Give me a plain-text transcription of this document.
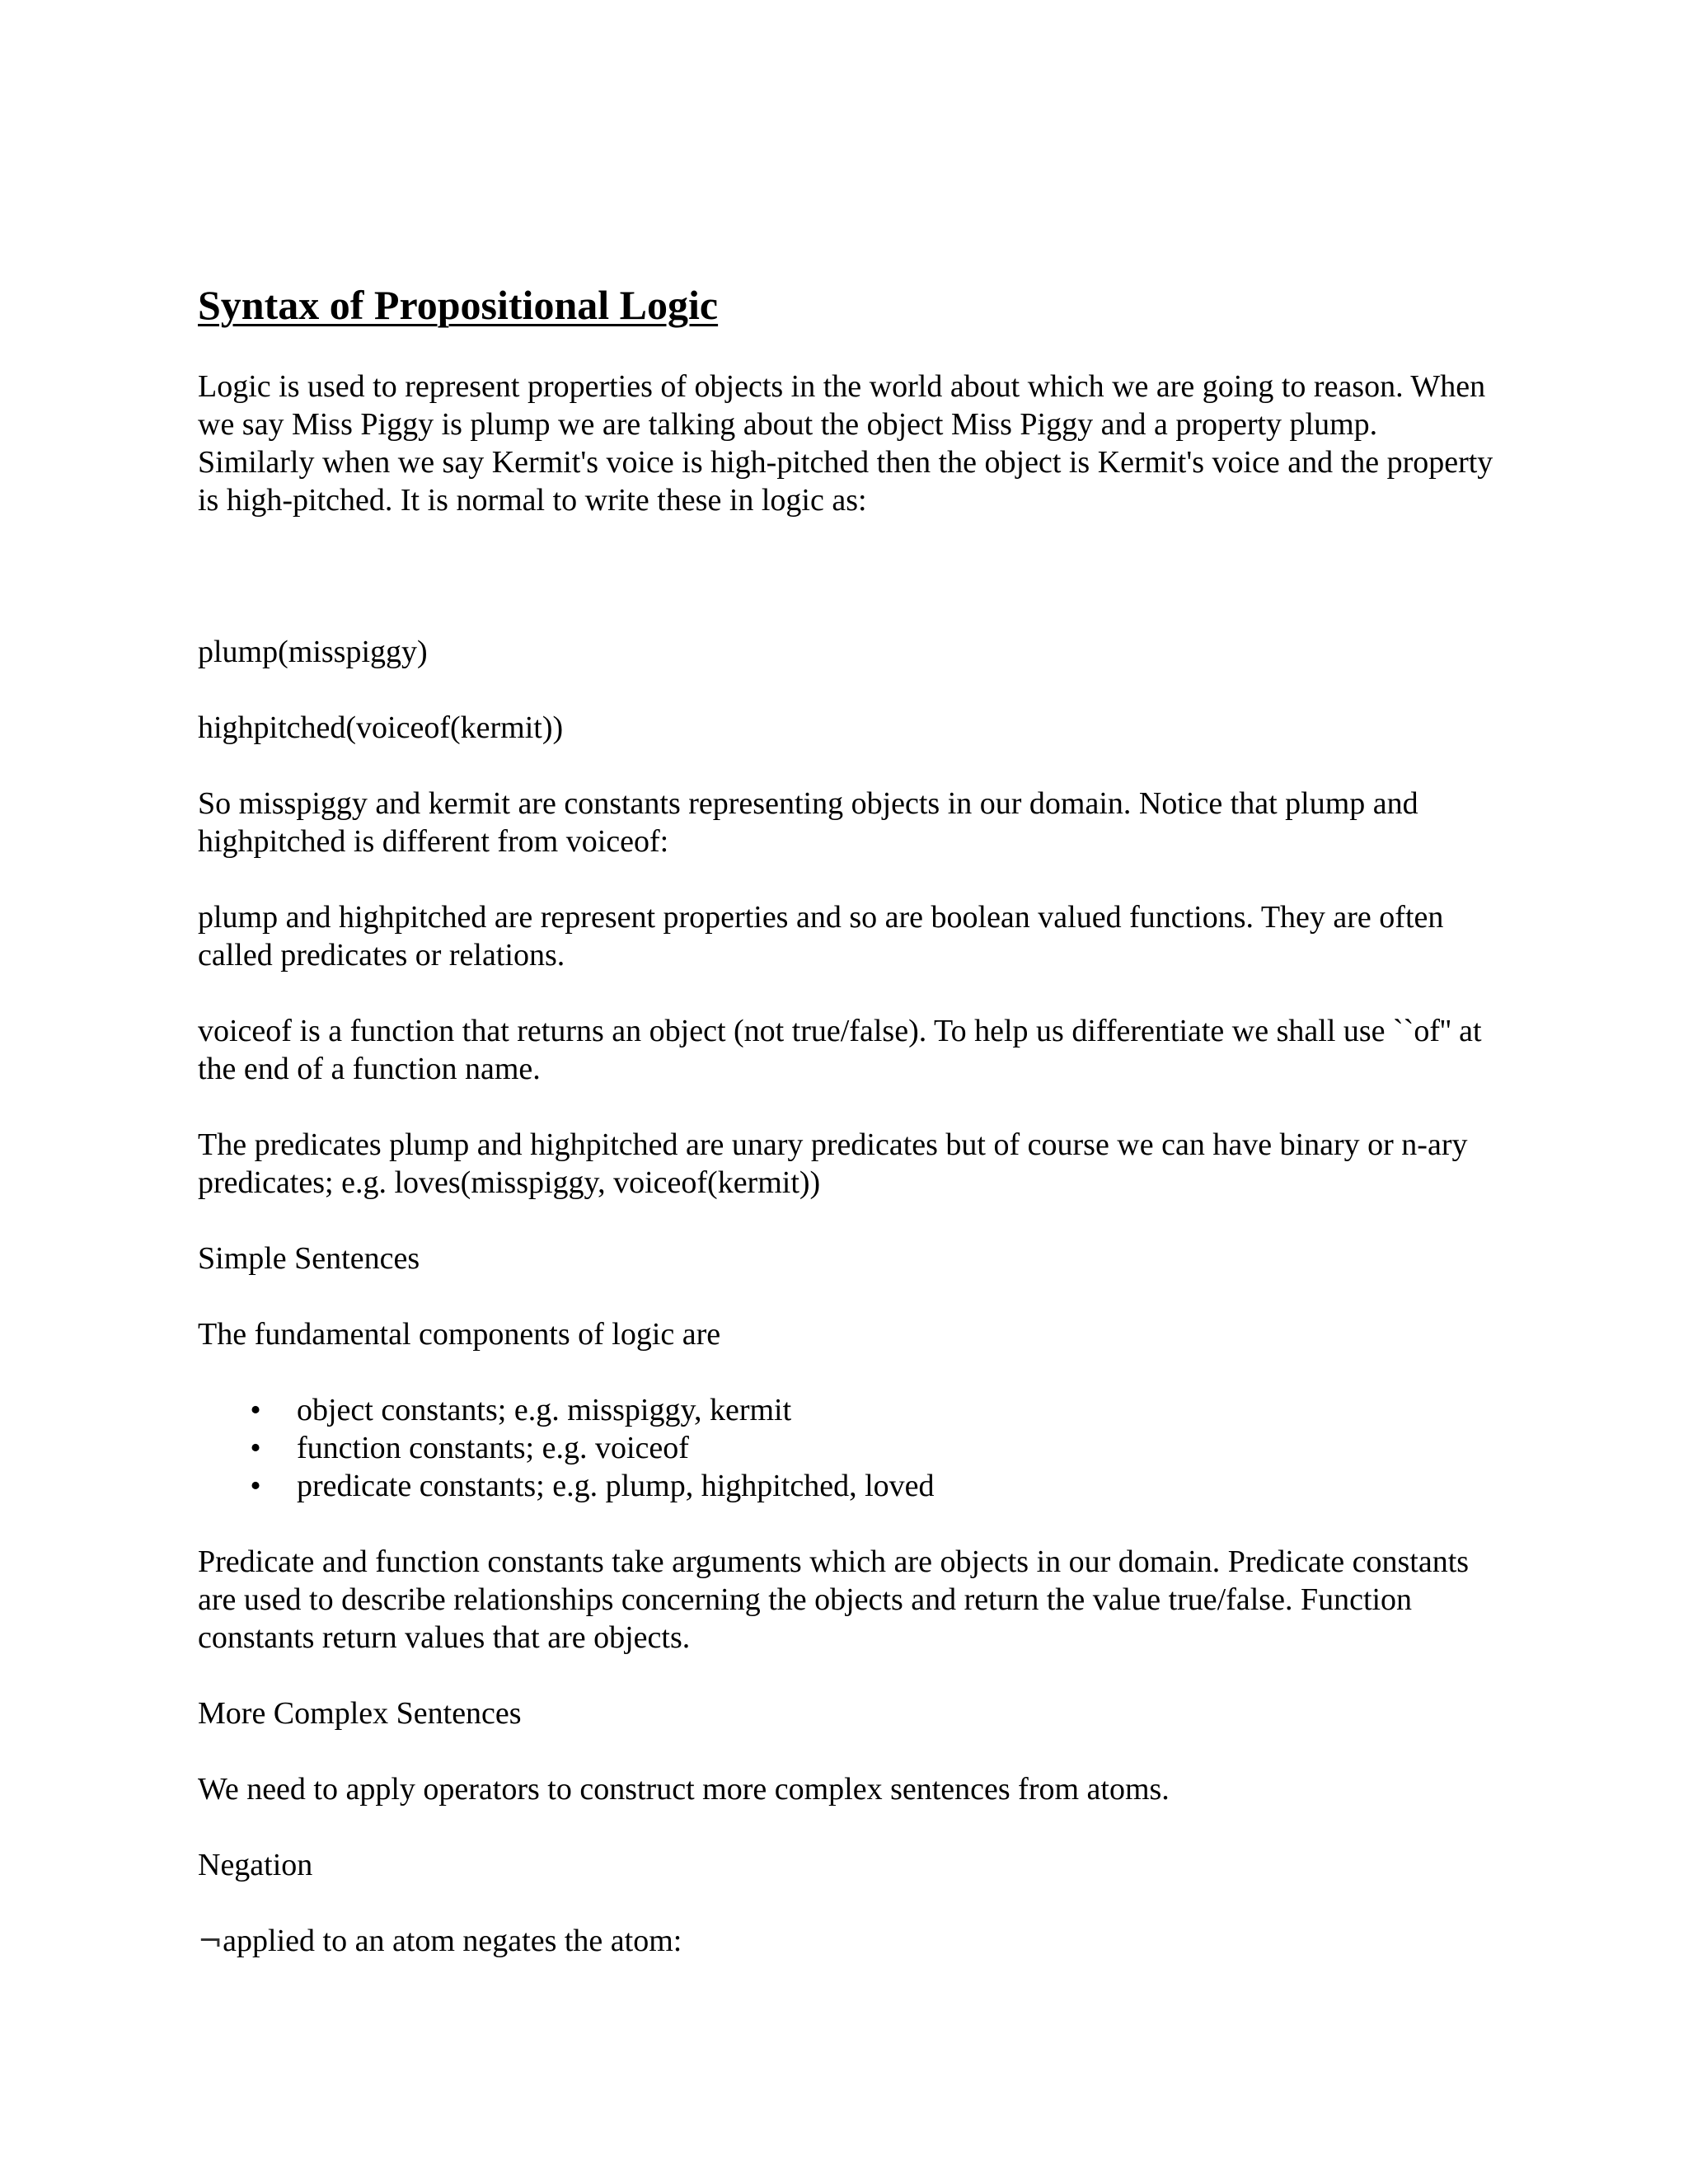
Syntax of Propositional Logic

Logic is used to represent properties of objects in the world about which we are going to reason. When we say Miss Piggy is plump we are talking about the object Miss Piggy and a property plump. Similarly when we say Kermit's voice is high-pitched then the object is Kermit's voice and the property is high-pitched. It is normal to write these in logic as:

plump(misspiggy)

highpitched(voiceof(kermit))

So misspiggy and kermit are constants representing objects in our domain. Notice that plump and highpitched is different from voiceof:

plump and highpitched are represent properties and so are boolean valued functions. They are often called predicates or relations.

voiceof is a function that returns an object (not true/false). To help us differentiate we shall use ``of'' at the end of a function name.

The predicates plump and highpitched are unary predicates but of course we can have binary or n-ary predicates; e.g. loves(misspiggy, voiceof(kermit))

Simple Sentences

The fundamental components of logic are

• object constants; e.g. misspiggy, kermit
• function constants; e.g. voiceof
• predicate constants; e.g. plump, highpitched, loved

Predicate and function constants take arguments which are objects in our domain. Predicate constants are used to describe relationships concerning the objects and return the value true/false. Function constants return values that are objects.

More Complex Sentences

We need to apply operators to construct more complex sentences from atoms.

Negation

¬applied to an atom negates the atom:
